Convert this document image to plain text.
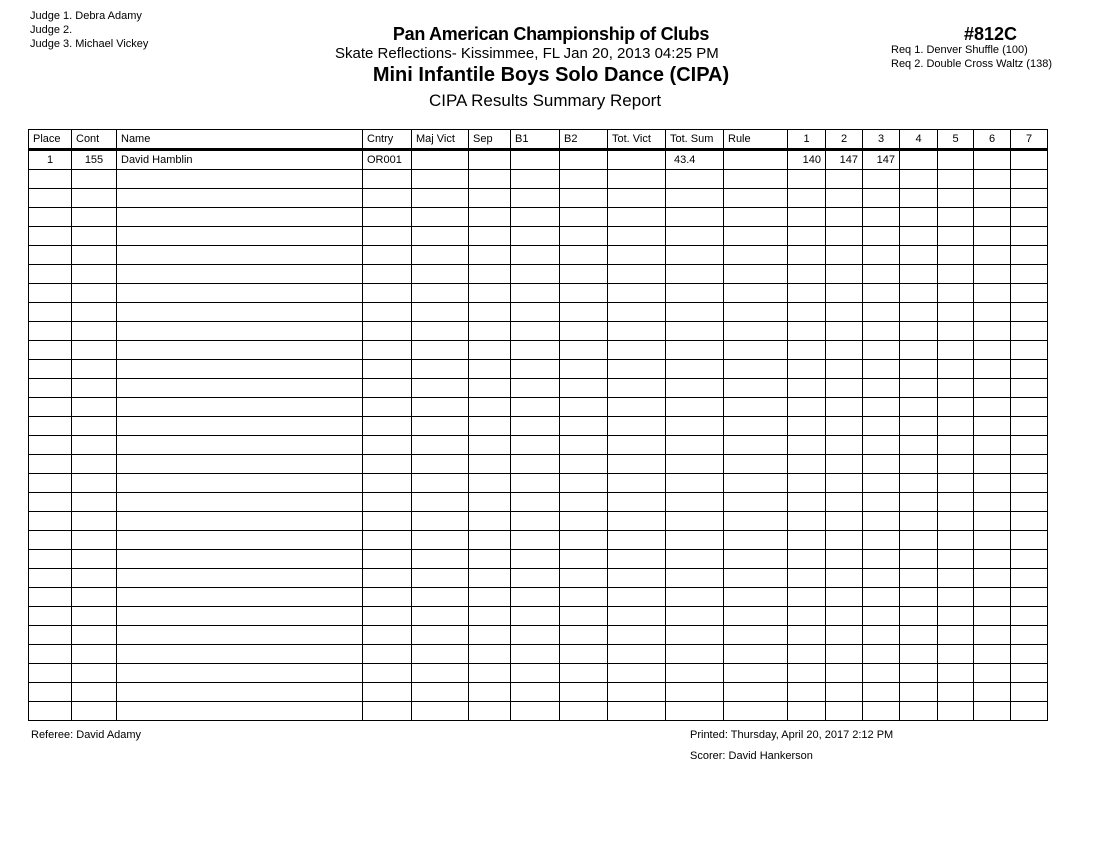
Judge 1. Debra Adamy
Judge 2.
Judge 3. Michael Vickey	Pan American Championship of Clubs
Skate Reflections- Kissimmee, FL Jan 20, 2013 04:25 PM
Mini Infantile Boys Solo Dance (CIPA)
CIPA Results Summary Report
#812C
Req 1. Denver Shuffle (100)
Req 2. Double Cross Waltz (138)
Place	Cont	Name	Cntry	Maj Vict	Sep	B1	B2	Tot. Vict	Tot. Sum	Rule	1	2	3	4	5	6	7
1	155	David Hamblin	OR001						43.4		140	147	147				

Referee: David Adamy	Printed: Thursday, April 20, 2017 2:12 PM
Scorer: David Hankerson
